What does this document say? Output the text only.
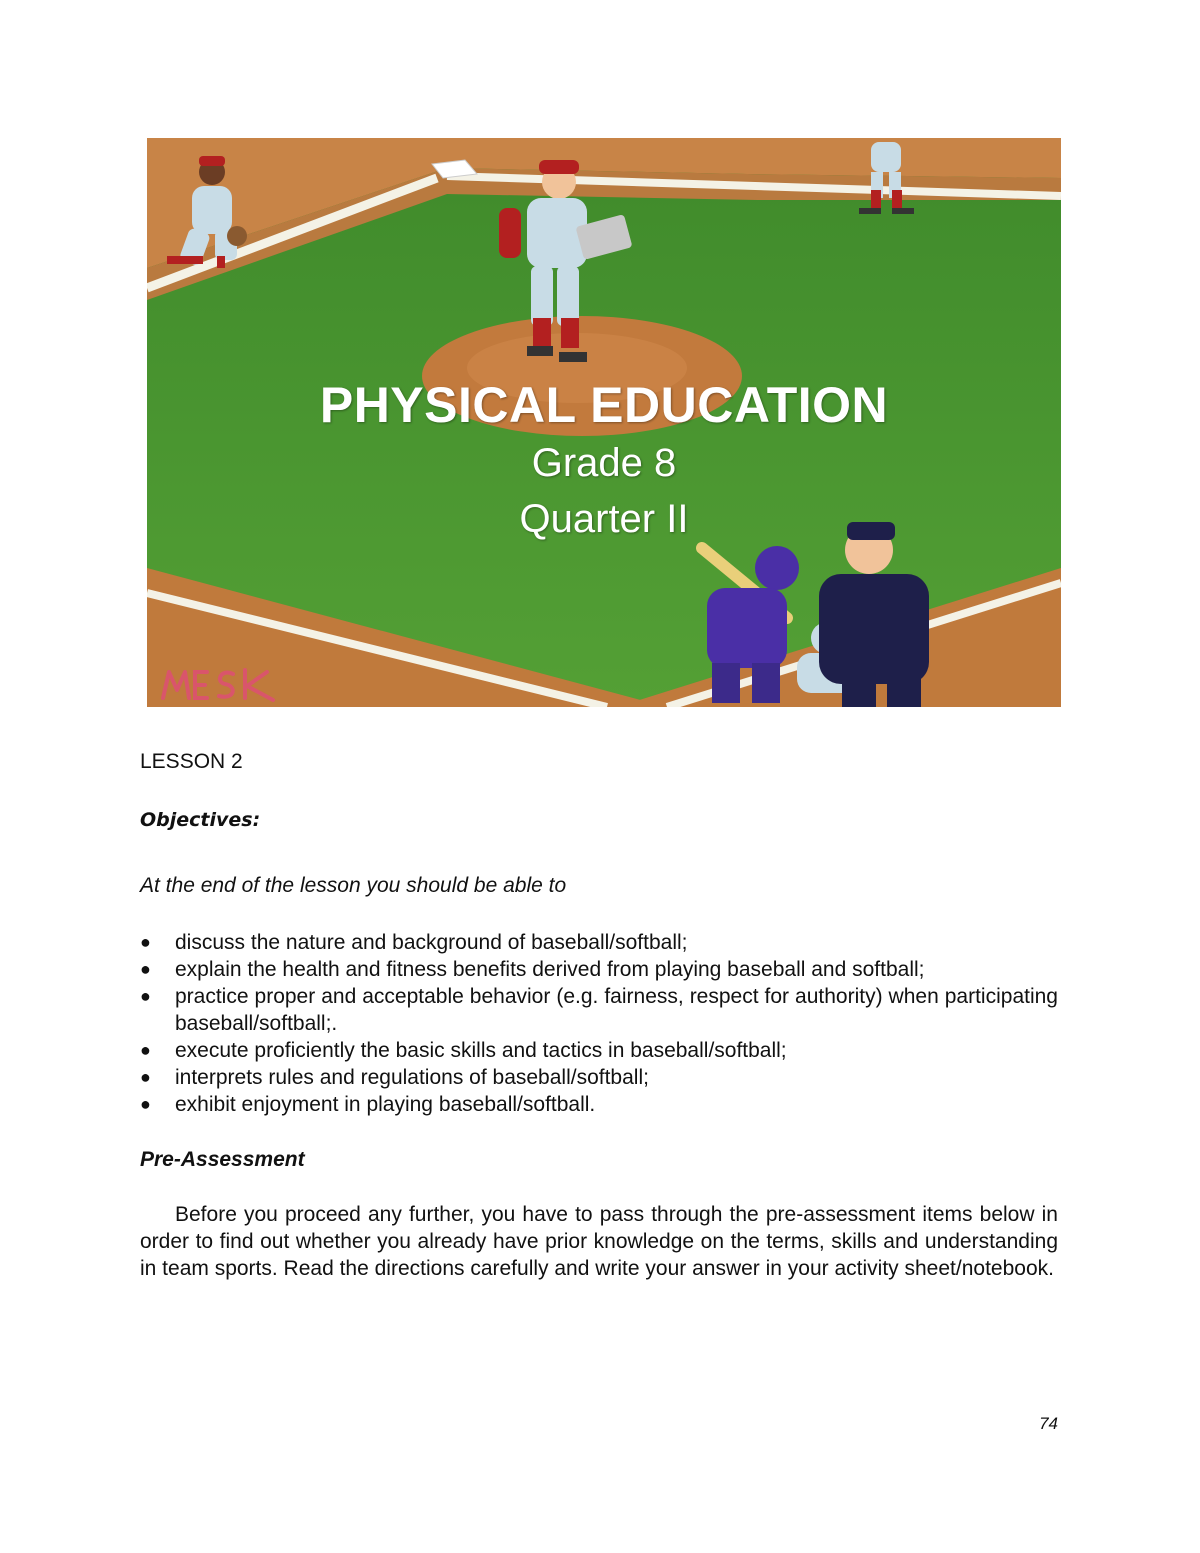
PHYSICAL EDUCATION
Grade 8
Quarter II

LESSON 2

Objectives:

At the end of the lesson you should be able to

●	discuss the nature and background of baseball/softball;
●	explain the health and fitness benefits derived from playing baseball and softball;
●	practice proper and acceptable behavior (e.g. fairness, respect for authority) when participating baseball/softball;.
●	execute proficiently the basic skills and tactics in baseball/softball;
●	interprets rules and regulations of baseball/softball;
●	exhibit enjoyment in playing baseball/softball.

Pre-Assessment

Before you proceed any further, you have to pass through the pre-assessment items below in order to find out whether you already have prior knowledge on the terms, skills and understanding in team sports. Read the directions carefully and write your answer in your activity sheet/notebook.

74
